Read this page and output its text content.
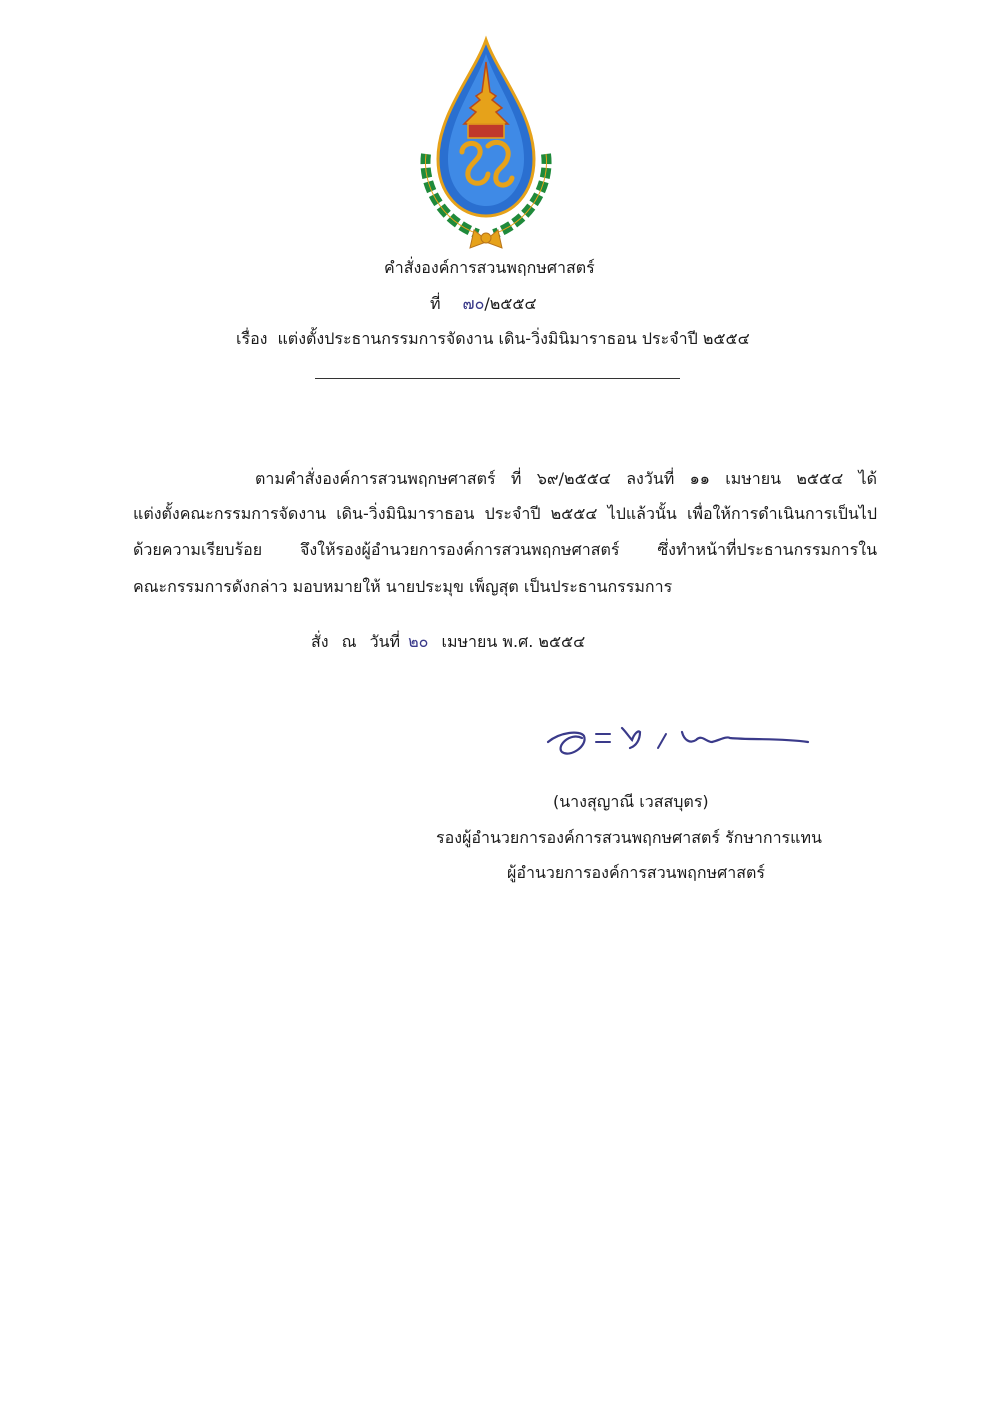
คำสั่งองค์การสวนพฤกษศาสตร์
ที่ ๗๐/๒๕๕๔
เรื่อง แต่งตั้งประธานกรรมการจัดงาน เดิน-วิ่งมินิมาราธอน ประจำปี ๒๕๕๔
ตามคำสั่งองค์การสวนพฤกษศาสตร์ ที่ ๖๙/๒๕๕๔ ลงวันที่ ๑๑ เมษายน ๒๕๕๔ ได้
แต่งตั้งคณะกรรมการจัดงาน เดิน-วิ่งมินิมาราธอน ประจำปี ๒๕๕๔ ไปแล้วนั้น เพื่อให้การดำเนินการเป็นไป
ด้วยความเรียบร้อย จึงให้รองผู้อำนวยการองค์การสวนพฤกษศาสตร์ ซึ่งทำหน้าที่ประธานกรรมการใน
คณะกรรมการดังกล่าว มอบหมายให้ นายประมุข เพ็ญสุต เป็นประธานกรรมการ
สั่ง ณ วันที่ ๒๐ เมษายน พ.ศ. ๒๕๕๔
(นางสุญาณี เวสสบุตร)
รองผู้อำนวยการองค์การสวนพฤกษศาสตร์ รักษาการแทน
ผู้อำนวยการองค์การสวนพฤกษศาสตร์
